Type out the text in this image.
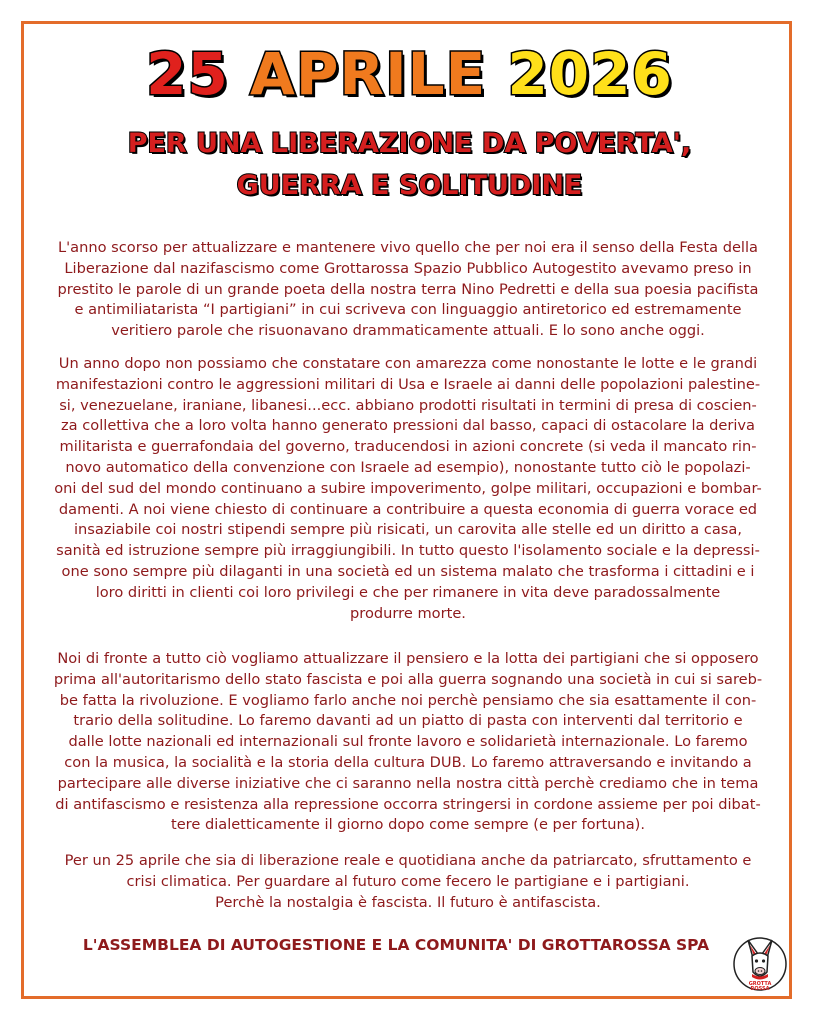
25 APRILE 2026
PER UNA LIBERAZIONE DA POVERTA',
GUERRA E SOLITUDINE
L'anno scorso per attualizzare e mantenere vivo quello che per noi era il senso della Festa della
Liberazione dal nazifascismo come Grottarossa Spazio Pubblico Autogestito avevamo preso in
prestito le parole di un grande poeta della nostra terra Nino Pedretti e della sua poesia pacifista
e antimiliatarista “I partigiani” in cui scriveva con linguaggio antiretorico ed estremamente
veritiero parole che risuonavano drammaticamente attuali. E lo sono anche oggi.
Un anno dopo non possiamo che constatare con amarezza come nonostante le lotte e le grandi
manifestazioni contro le aggressioni militari di Usa e Israele ai danni delle popolazioni palestine-
si, venezuelane, iraniane, libanesi...ecc. abbiano prodotti risultati in termini di presa di coscien-
za collettiva che a loro volta hanno generato pressioni dal basso, capaci di ostacolare la deriva
militarista e guerrafondaia del governo, traducendosi in azioni concrete (si veda il mancato rin-
novo automatico della convenzione con Israele ad esempio), nonostante tutto ciò le popolazi-
oni del sud del mondo continuano a subire impoverimento, golpe militari, occupazioni e bombar-
damenti. A noi viene chiesto di continuare a contribuire a questa economia di guerra vorace ed
insaziabile coi nostri stipendi sempre più risicati, un carovita alle stelle ed un diritto a casa,
sanità ed istruzione sempre più irraggiungibili. In tutto questo l'isolamento sociale e la depressi-
one sono sempre più dilaganti in una società ed un sistema malato che trasforma i cittadini e i
loro diritti in clienti coi loro privilegi e che per rimanere in vita deve paradossalmente
produrre morte.
Noi di fronte a tutto ciò vogliamo attualizzare il pensiero e la lotta dei partigiani che si opposero
prima all'autoritarismo dello stato fascista e poi alla guerra sognando una società in cui si sareb-
be fatta la rivoluzione. E vogliamo farlo anche noi perchè pensiamo che sia esattamente il con-
trario della solitudine. Lo faremo davanti ad un piatto di pasta con interventi dal territorio e
dalle lotte nazionali ed internazionali sul fronte lavoro e solidarietà internazionale. Lo faremo
con la musica, la socialità e la storia della cultura DUB. Lo faremo attraversando e invitando a
partecipare alle diverse iniziative che ci saranno nella nostra città perchè crediamo che in tema
di antifascismo e resistenza alla repressione occorra stringersi in cordone assieme per poi dibat-
tere dialetticamente il giorno dopo come sempre (e per fortuna).
Per un 25 aprile che sia di liberazione reale e quotidiana anche da patriarcato, sfruttamento e
crisi climatica. Per guardare al futuro come fecero le partigiane e i partigiani.
Perchè la nostalgia è fascista. Il futuro è antifascista.
L'ASSEMBLEA DI AUTOGESTIONE E LA COMUNITA' DI GROTTAROSSA SPA
GROTTA
ROSSA
